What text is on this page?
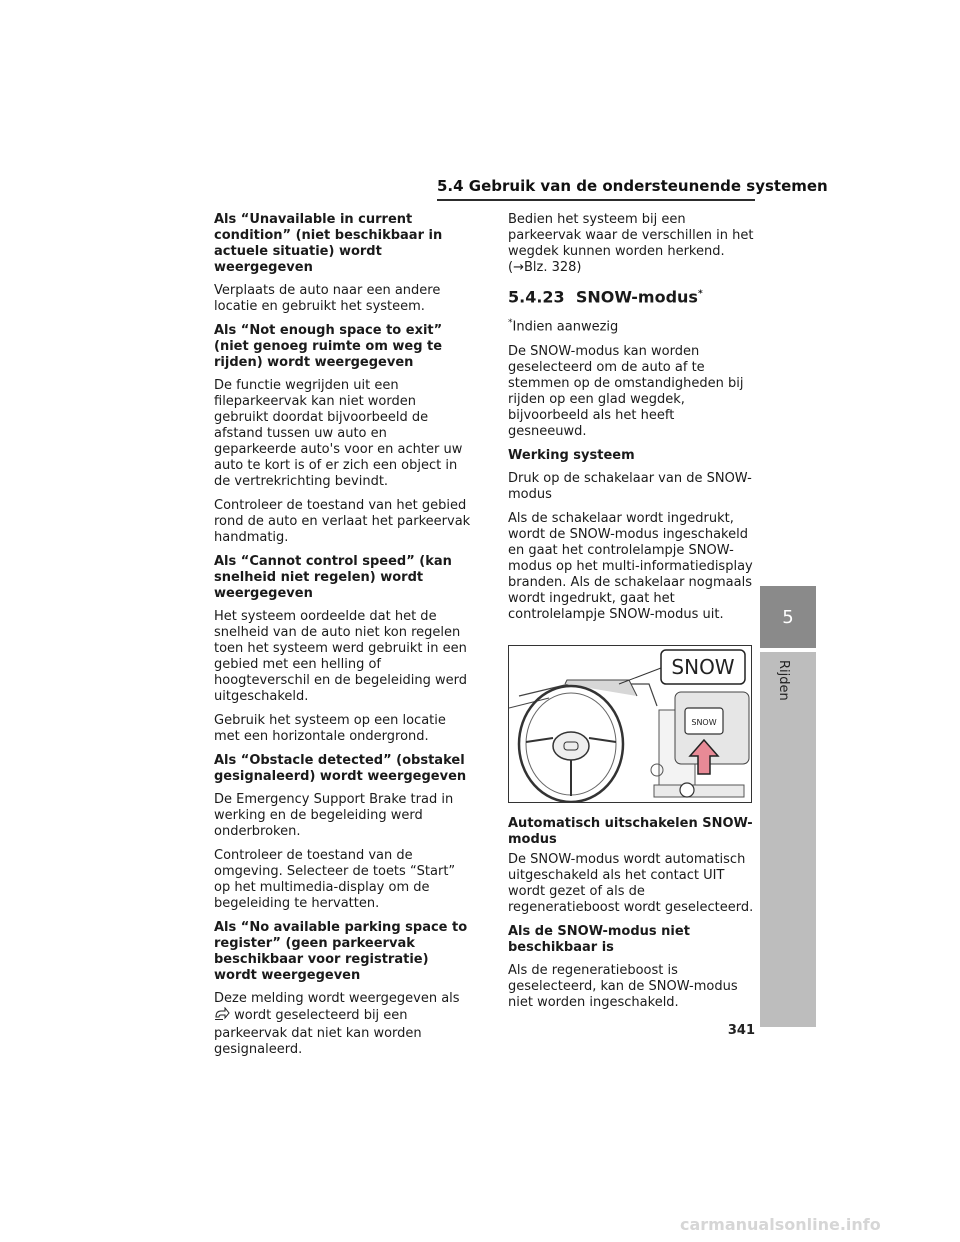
5.4 Gebruik van de ondersteunende systemen

Als “Unavailable in current condition” (niet beschikbaar in actuele situatie) wordt weergegeven

Verplaats de auto naar een andere locatie en gebruikt het systeem.

Als “Not enough space to exit” (niet genoeg ruimte om weg te rijden) wordt weergegeven

De functie wegrijden uit een fileparkeervak kan niet worden gebruikt doordat bijvoorbeeld de afstand tussen uw auto en geparkeerde auto's voor en achter uw auto te kort is of er zich een object in de vertrekrichting bevindt.

Controleer de toestand van het gebied rond de auto en verlaat het parkeervak handmatig.

Als “Cannot control speed” (kan snelheid niet regelen) wordt weergegeven

Het systeem oordeelde dat het de snelheid van de auto niet kon regelen toen het systeem werd gebruikt in een gebied met een helling of hoogteverschil en de begeleiding werd uitgeschakeld.

Gebruik het systeem op een locatie met een horizontale ondergrond.

Als “Obstacle detected” (obstakel gesignaleerd) wordt weergegeven

De Emergency Support Brake trad in werking en de begeleiding werd onderbroken.

Controleer de toestand van de omgeving. Selecteer de toets “Start” op het multimedia-display om de begeleiding te hervatten.

Als “No available parking space to register” (geen parkeervak beschikbaar voor registratie) wordt weergegeven

Deze melding wordt weergegeven als  wordt geselecteerd bij een parkeervak dat niet kan worden gesignaleerd.

Bedien het systeem bij een parkeervak waar de verschillen in het wegdek kunnen worden herkend. (→Blz. 328)

5.4.23 SNOW-modus*

*Indien aanwezig

De SNOW-modus kan worden geselecteerd om de auto af te stemmen op de omstandigheden bij rijden op een glad wegdek, bijvoorbeeld als het heeft gesneeuwd.

Werking systeem

Druk op de schakelaar van de SNOW-modus

Als de schakelaar wordt ingedrukt, wordt de SNOW-modus ingeschakeld en gaat het controlelampje SNOW-modus op het multi-informatiedisplay branden. Als de schakelaar nogmaals wordt ingedrukt, gaat het controlelampje SNOW-modus uit.

SNOW
SNOW

Automatisch uitschakelen SNOW-modus

De SNOW-modus wordt automatisch uitgeschakeld als het contact UIT wordt gezet of als de regeneratieboost wordt geselecteerd.

Als de SNOW-modus niet beschikbaar is

Als de regeneratieboost is geselecteerd, kan de SNOW-modus niet worden ingeschakeld.

5
Rijden
341
carmanualsonline.info
